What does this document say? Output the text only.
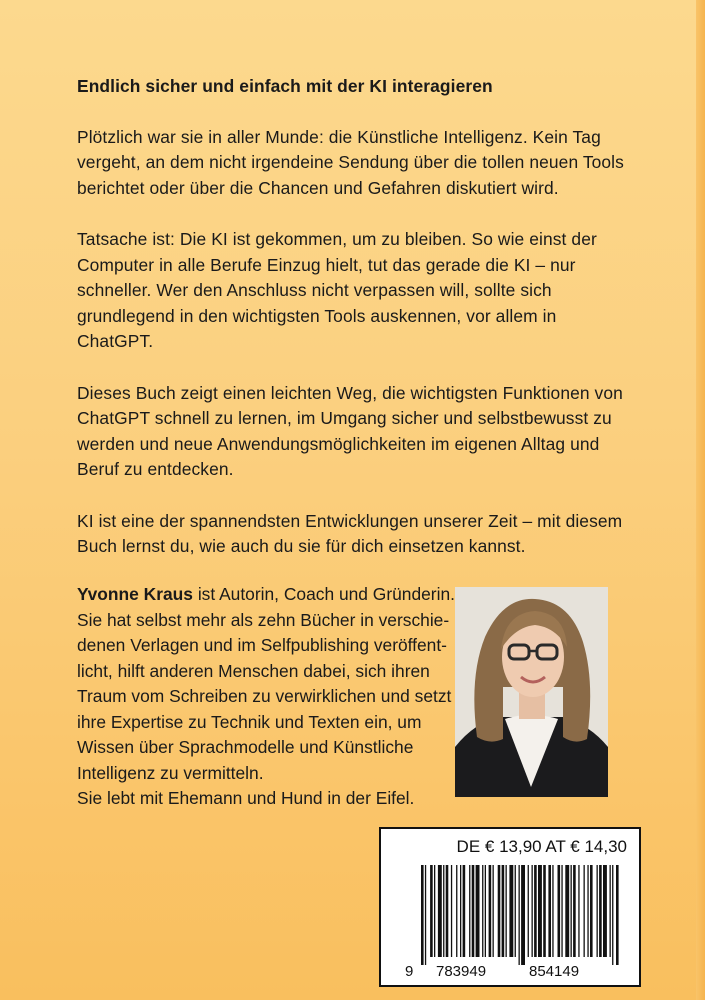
Endlich sicher und einfach mit der KI interagieren

Plötzlich war sie in aller Munde: die Künstliche Intelligenz. Kein Tag vergeht, an dem nicht irgendeine Sendung über die tollen neuen Tools berichtet oder über die Chancen und Gefahren diskutiert wird.

Tatsache ist: Die KI ist gekommen, um zu bleiben. So wie einst der Computer in alle Berufe Einzug hielt, tut das gerade die KI – nur schneller. Wer den Anschluss nicht verpassen will, sollte sich grundlegend in den wichtigsten Tools auskennen, vor allem in ChatGPT.

Dieses Buch zeigt einen leichten Weg, die wichtigsten Funktionen von ChatGPT schnell zu lernen, im Umgang sicher und selbstbewusst zu werden und neue Anwendungsmöglichkeiten im eigenen Alltag und Beruf zu entdecken.

KI ist eine der spannendsten Entwicklungen unserer Zeit – mit diesem Buch lernst du, wie auch du sie für dich einsetzen kannst.

Yvonne Kraus ist Autorin, Coach und Gründerin.
Sie hat selbst mehr als zehn Bücher in verschie-
denen Verlagen und im Selfpublishing veröffent-
licht, hilft anderen Menschen dabei, sich ihren
Traum vom Schreiben zu verwirklichen und setzt
ihre Expertise zu Technik und Texten ein, um
Wissen über Sprachmodelle und Künstliche
Intelligenz zu vermitteln.
Sie lebt mit Ehemann und Hund in der Eifel.
DE € 13,90 AT € 14,30
9 783949	854149
